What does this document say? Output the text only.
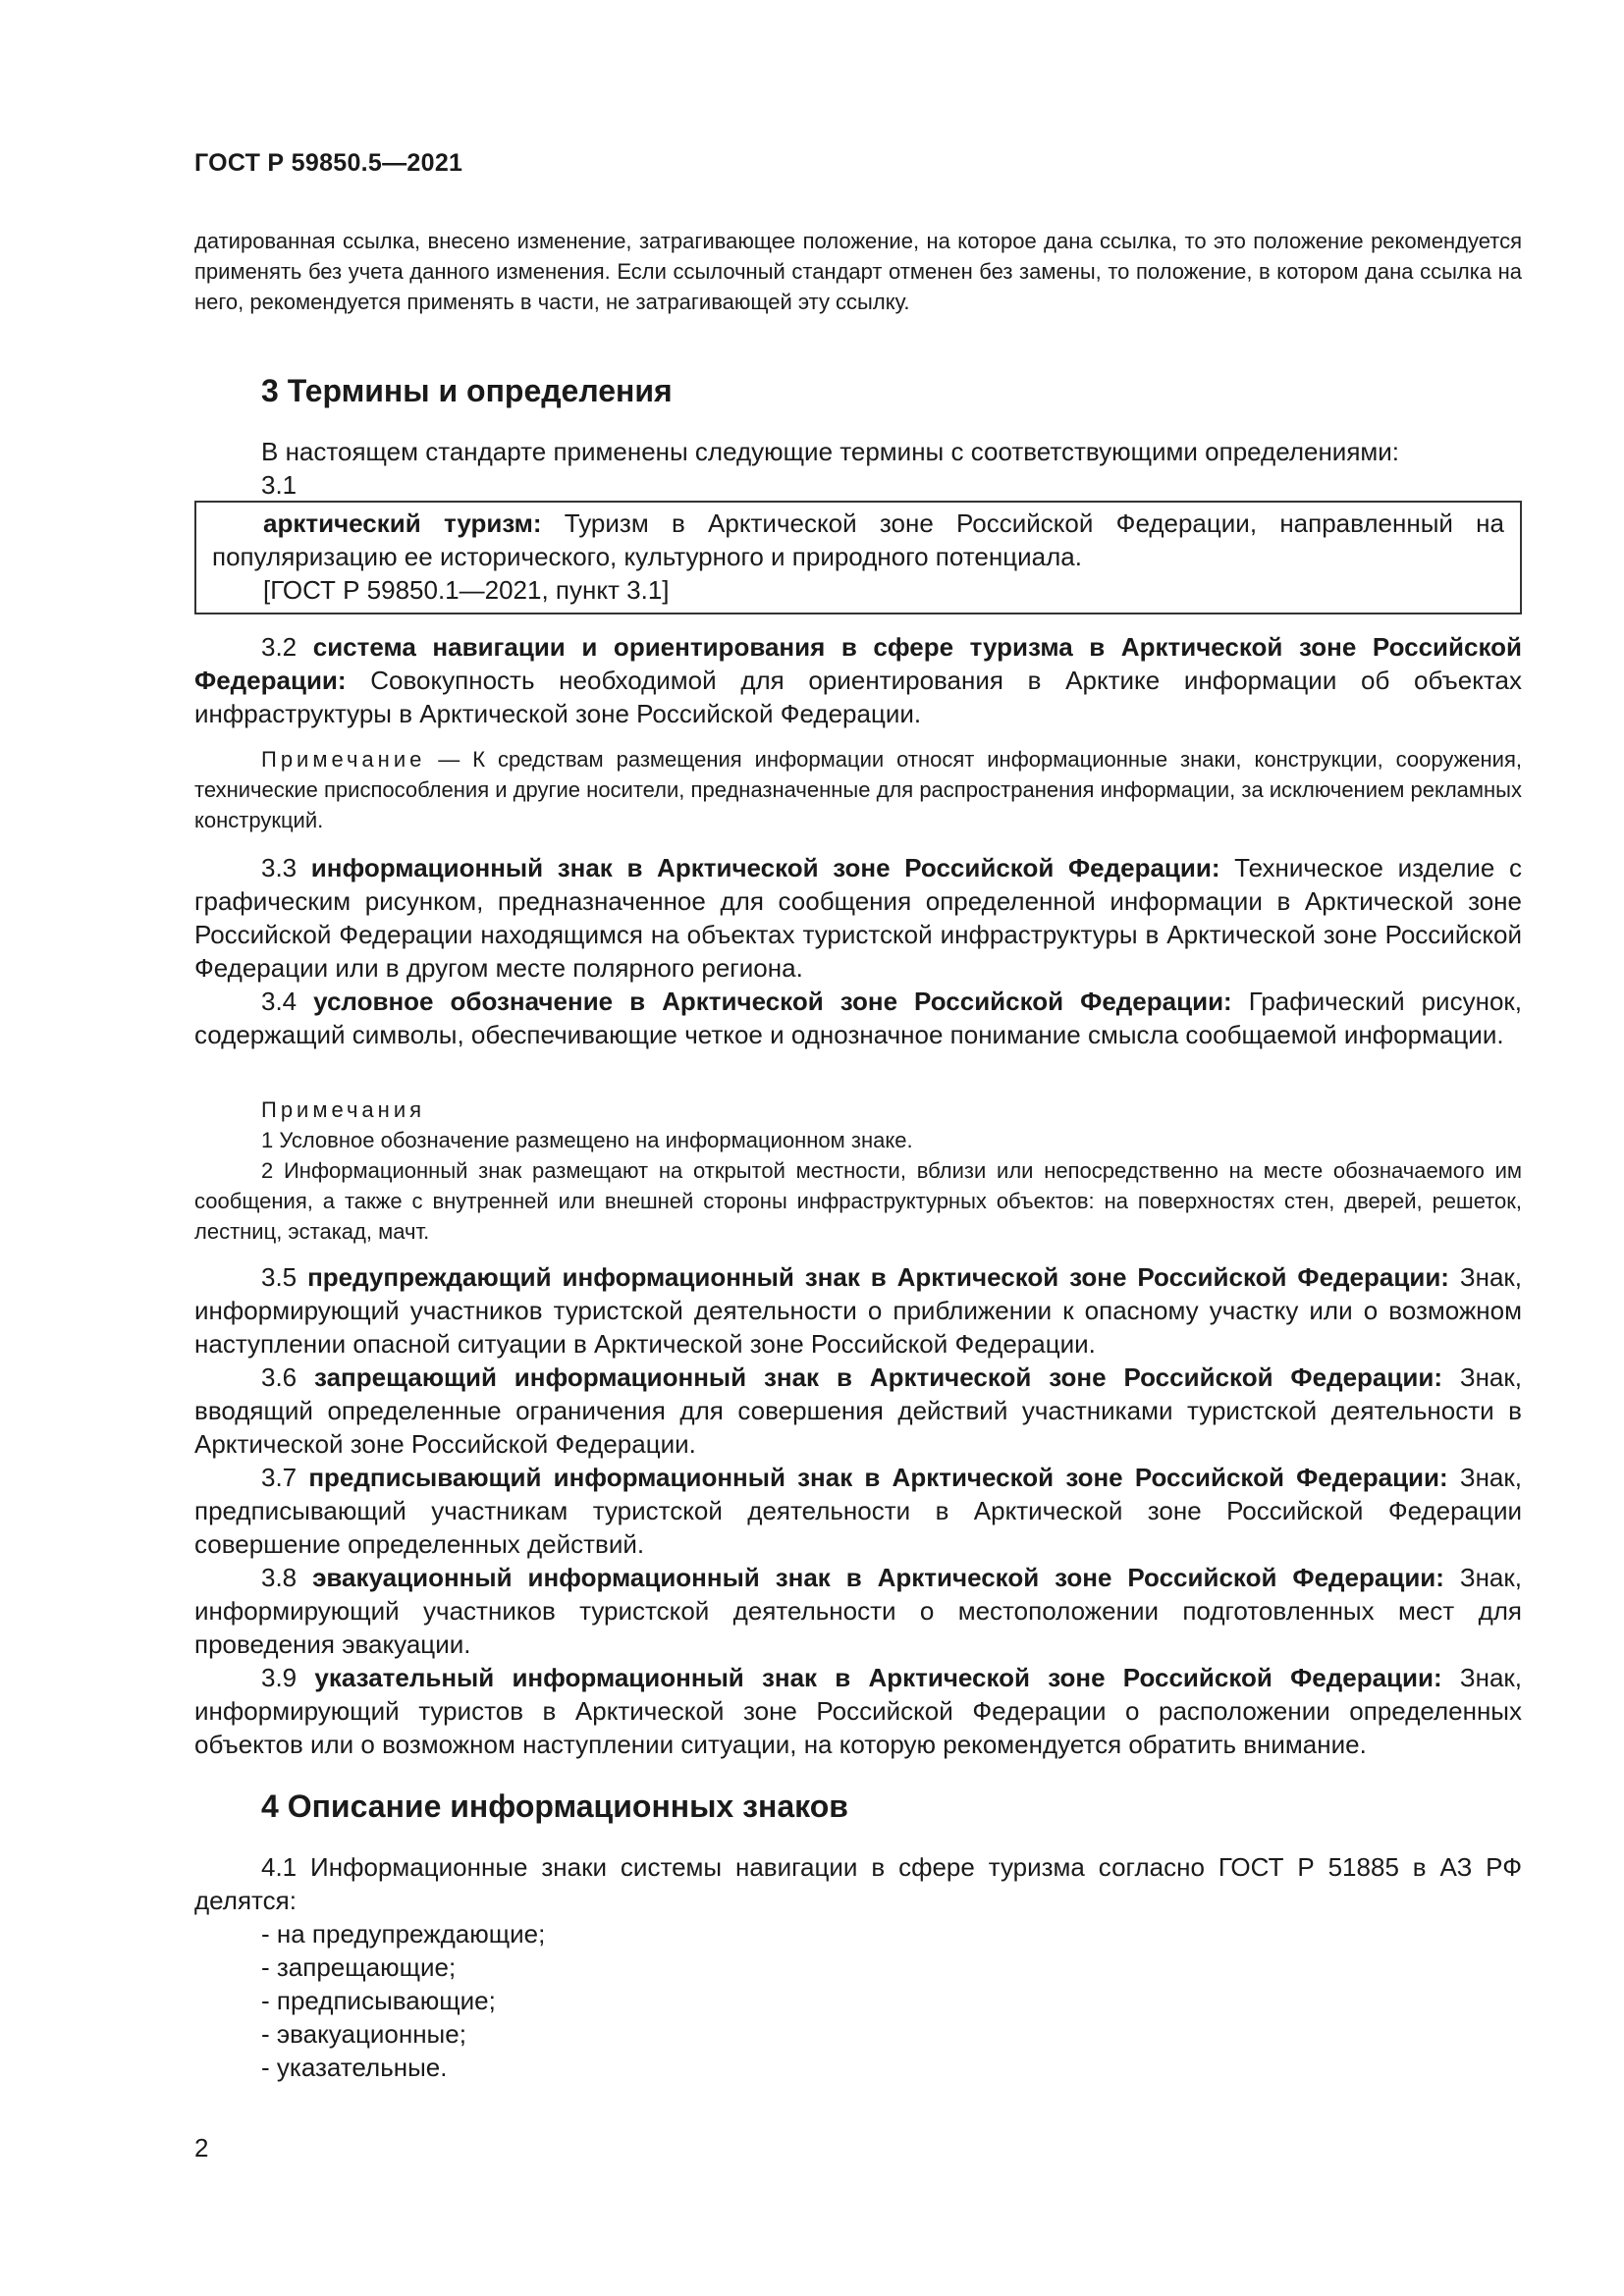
ГОСТ Р 59850.5—2021

датированная ссылка, внесено изменение, затрагивающее положение, на которое дана ссылка, то это положение рекомендуется применять без учета данного изменения. Если ссылочный стандарт отменен без замены, то положение, в котором дана ссылка на него, рекомендуется применять в части, не затрагивающей эту ссылку.

3 Термины и определения

В настоящем стандарте применены следующие термины с соответствующими определениями:

3.1

арктический туризм: Туризм в Арктической зоне Российской Федерации, направленный на популяризацию ее исторического, культурного и природного потенциала.

[ГОСТ Р 59850.1—2021, пункт 3.1]

3.2 система навигации и ориентирования в сфере туризма в Арктической зоне Российской Федерации: Совокупность необходимой для ориентирования в Арктике информации об объектах инфраструктуры в Арктической зоне Российской Федерации.

Примечание — К средствам размещения информации относят информационные знаки, конструкции, сооружения, технические приспособления и другие носители, предназначенные для распространения информации, за исключением рекламных конструкций.

3.3 информационный знак в Арктической зоне Российской Федерации: Техническое изделие с графическим рисунком, предназначенное для сообщения определенной информации в Арктической зоне Российской Федерации находящимся на объектах туристской инфраструктуры в Арктической зоне Российской Федерации или в другом месте полярного региона.

3.4 условное обозначение в Арктической зоне Российской Федерации: Графический рисунок, содержащий символы, обеспечивающие четкое и однозначное понимание смысла сообщаемой информации.

Примечания

1 Условное обозначение размещено на информационном знаке.

2 Информационный знак размещают на открытой местности, вблизи или непосредственно на месте обозначаемого им сообщения, а также с внутренней или внешней стороны инфраструктурных объектов: на поверхностях стен, дверей, решеток, лестниц, эстакад, мачт.

3.5 предупреждающий информационный знак в Арктической зоне Российской Федерации: Знак, информирующий участников туристской деятельности о приближении к опасному участку или о возможном наступлении опасной ситуации в Арктической зоне Российской Федерации.

3.6 запрещающий информационный знак в Арктической зоне Российской Федерации: Знак, вводящий определенные ограничения для совершения действий участниками туристской деятельности в Арктической зоне Российской Федерации.

3.7 предписывающий информационный знак в Арктической зоне Российской Федерации: Знак, предписывающий участникам туристской деятельности в Арктической зоне Российской Федерации совершение определенных действий.

3.8 эвакуационный информационный знак в Арктической зоне Российской Федерации: Знак, информирующий участников туристской деятельности о местоположении подготовленных мест для проведения эвакуации.

3.9 указательный информационный знак в Арктической зоне Российской Федерации: Знак, информирующий туристов в Арктической зоне Российской Федерации о расположении определенных объектов или о возможном наступлении ситуации, на которую рекомендуется обратить внимание.

4 Описание информационных знаков

4.1 Информационные знаки системы навигации в сфере туризма согласно ГОСТ Р 51885 в АЗ РФ делятся:

- на предупреждающие;

- запрещающие;

- предписывающие;

- эвакуационные;

- указательные.

2
